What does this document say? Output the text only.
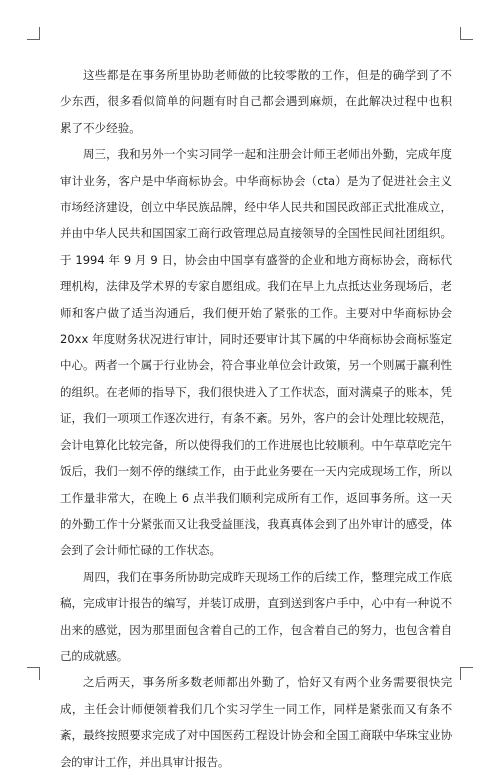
这些都是在事务所里协助老师做的比较零散的工作，但是的确学到了不少东西，很多看似简单的问题有时自己都会遇到麻烦，在此解决过程中也积累了不少经验。

周三，我和另外一个实习同学一起和注册会计师王老师出外勤，完成年度审计业务，客户是中华商标协会。中华商标协会（cta）是为了促进社会主义市场经济建设，创立中华民族品牌，经中华人民共和国民政部正式批准成立，并由中华人民共和国国家工商行政管理总局直接领导的全国性民间社团组织。于 1994 年 9 月 9 日，协会由中国享有盛誉的企业和地方商标协会，商标代理机构，法律及学术界的专家自愿组成。我们在早上九点抵达业务现场后，老师和客户做了适当沟通后，我们便开始了紧张的工作。主要对中华商标协会 20xx 年度财务状况进行审计，同时还要审计其下属的中华商标协会商标鉴定中心。两者一个属于行业协会，符合事业单位会计政策，另一个则属于赢利性的组织。在老师的指导下，我们很快进入了工作状态，面对满桌子的账本，凭证，我们一项项工作逐次进行，有条不紊。另外，客户的会计处理比较规范，会计电算化比较完备，所以使得我们的工作进展也比较顺利。中午草草吃完午饭后，我们一刻不停的继续工作，由于此业务要在一天内完成现场工作，所以工作量非常大，在晚上 6 点半我们顺利完成所有工作，返回事务所。这一天的外勤工作十分紧张而又让我受益匪浅，我真真体会到了出外审计的感受，体会到了会计师忙碌的工作状态。

周四，我们在事务所协助完成昨天现场工作的后续工作，整理完成工作底稿，完成审计报告的编写，并装订成册，直到送到客户手中，心中有一种说不出来的感觉，因为那里面包含着自己的工作，包含着自己的努力，也包含着自己的成就感。

之后两天，事务所多数老师都出外勤了，恰好又有两个业务需要很快完成，主任会计师便领着我们几个实习学生一同工作，同样是紧张而又有条不紊，最终按照要求完成了对中国医药工程设计协会和全国工商联中华珠宝业协会的审计工作，并出具审计报告。
